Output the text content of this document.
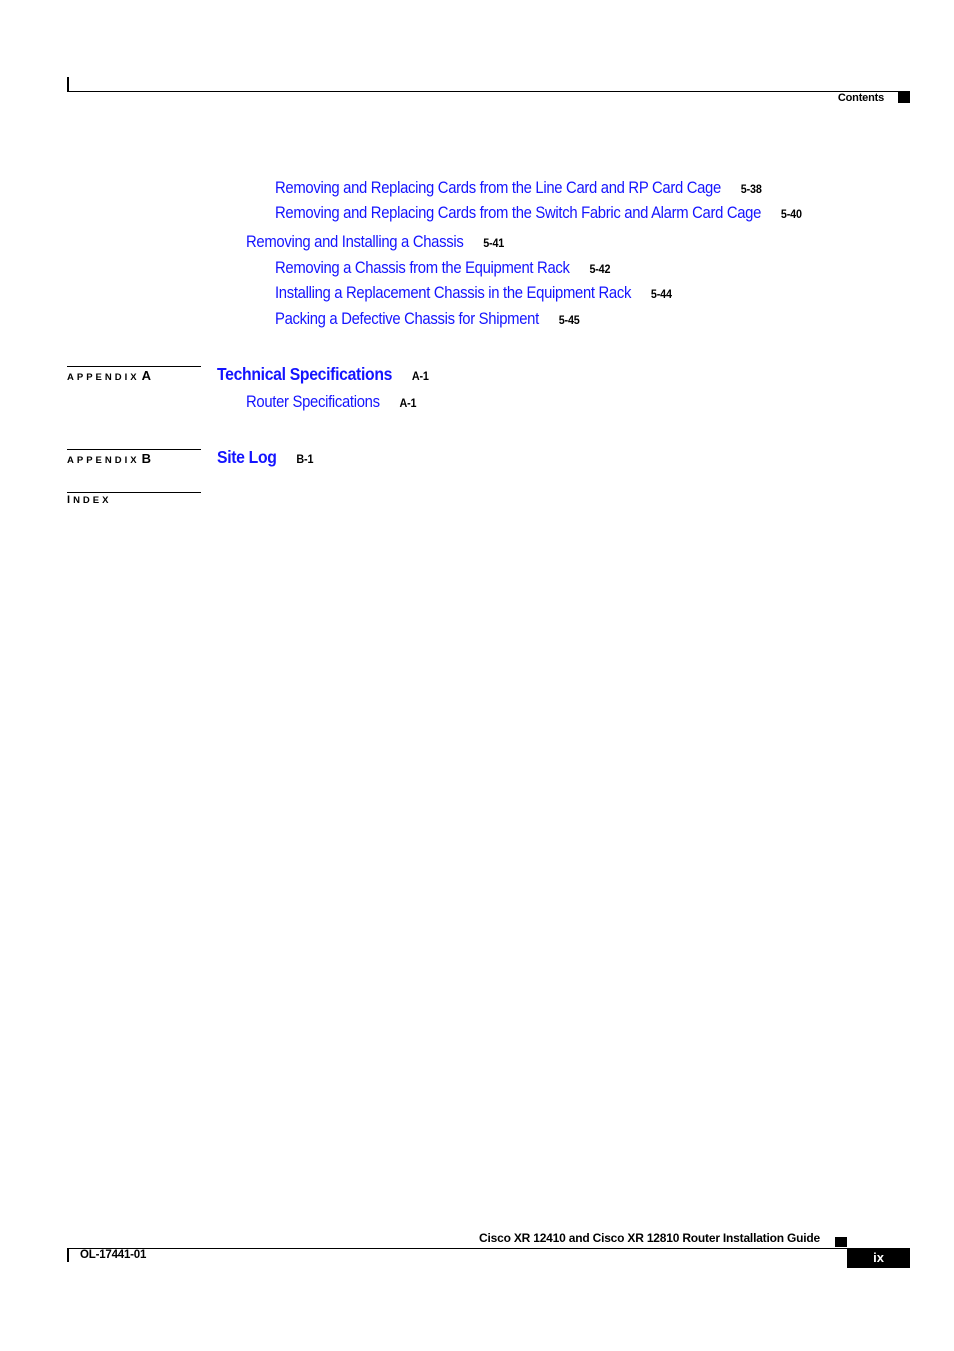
Contents
Removing and Replacing Cards from the Line Card and RP Card Cage 5-38
Removing and Replacing Cards from the Switch Fabric and Alarm Card Cage 5-40
Removing and Installing a Chassis 5-41
Removing a Chassis from the Equipment Rack 5-42
Installing a Replacement Chassis in the Equipment Rack 5-44
Packing a Defective Chassis for Shipment 5-45
APPENDIX A	Technical Specifications A-1
Router Specifications A-1
APPENDIX B	Site Log B-1
INDEX
Cisco XR 12410 and Cisco XR 12810 Router Installation Guide
OL-17441-01	ix
